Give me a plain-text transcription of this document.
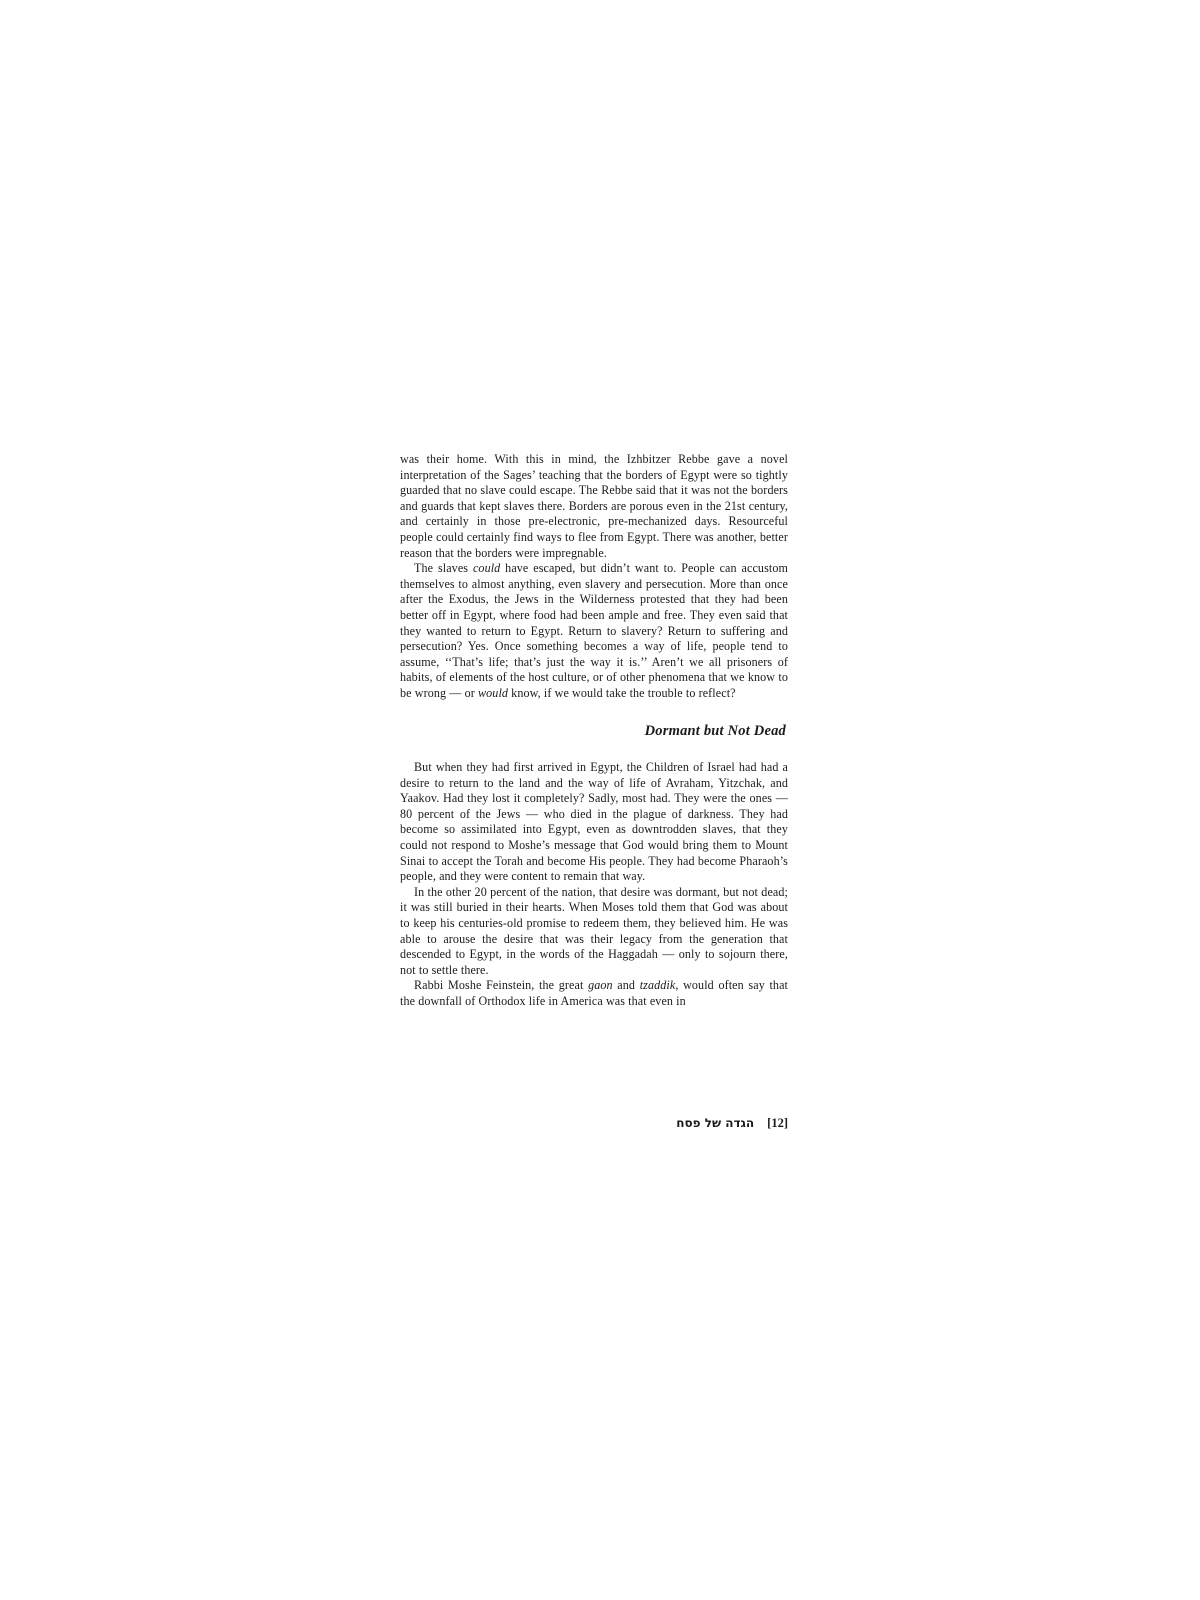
was their home. With this in mind, the Izhbitzer Rebbe gave a novel interpretation of the Sages’ teaching that the borders of Egypt were so tightly guarded that no slave could escape. The Rebbe said that it was not the borders and guards that kept slaves there. Borders are porous even in the 21st century, and certainly in those pre-electronic, pre-mechanized days. Resourceful people could certainly find ways to flee from Egypt. There was another, better reason that the borders were impregnable.

The slaves could have escaped, but didn’t want to. People can accustom themselves to almost anything, even slavery and persecution. More than once after the Exodus, the Jews in the Wilderness protested that they had been better off in Egypt, where food had been ample and free. They even said that they wanted to return to Egypt. Return to slavery? Return to suffering and persecution? Yes. Once something becomes a way of life, people tend to assume, ‘‘That’s life; that’s just the way it is.’’ Aren’t we all prisoners of habits, of elements of the host culture, or of other phenomena that we know to be wrong — or would know, if we would take the trouble to reflect?

Dormant but Not Dead

But when they had first arrived in Egypt, the Children of Israel had had a desire to return to the land and the way of life of Avraham, Yitzchak, and Yaakov. Had they lost it completely? Sadly, most had. They were the ones — 80 percent of the Jews — who died in the plague of darkness. They had become so assimilated into Egypt, even as downtrodden slaves, that they could not respond to Moshe’s message that God would bring them to Mount Sinai to accept the Torah and become His people. They had become Pharaoh’s people, and they were content to remain that way.

In the other 20 percent of the nation, that desire was dormant, but not dead; it was still buried in their hearts. When Moses told them that God was about to keep his centuries-old promise to redeem them, they believed him. He was able to arouse the desire that was their legacy from the generation that descended to Egypt, in the words of the Haggadah — only to sojourn there, not to settle there.

Rabbi Moshe Feinstein, the great gaon and tzaddik, would often say that the downfall of Orthodox life in America was that even in

הגדה של פסח [12]
